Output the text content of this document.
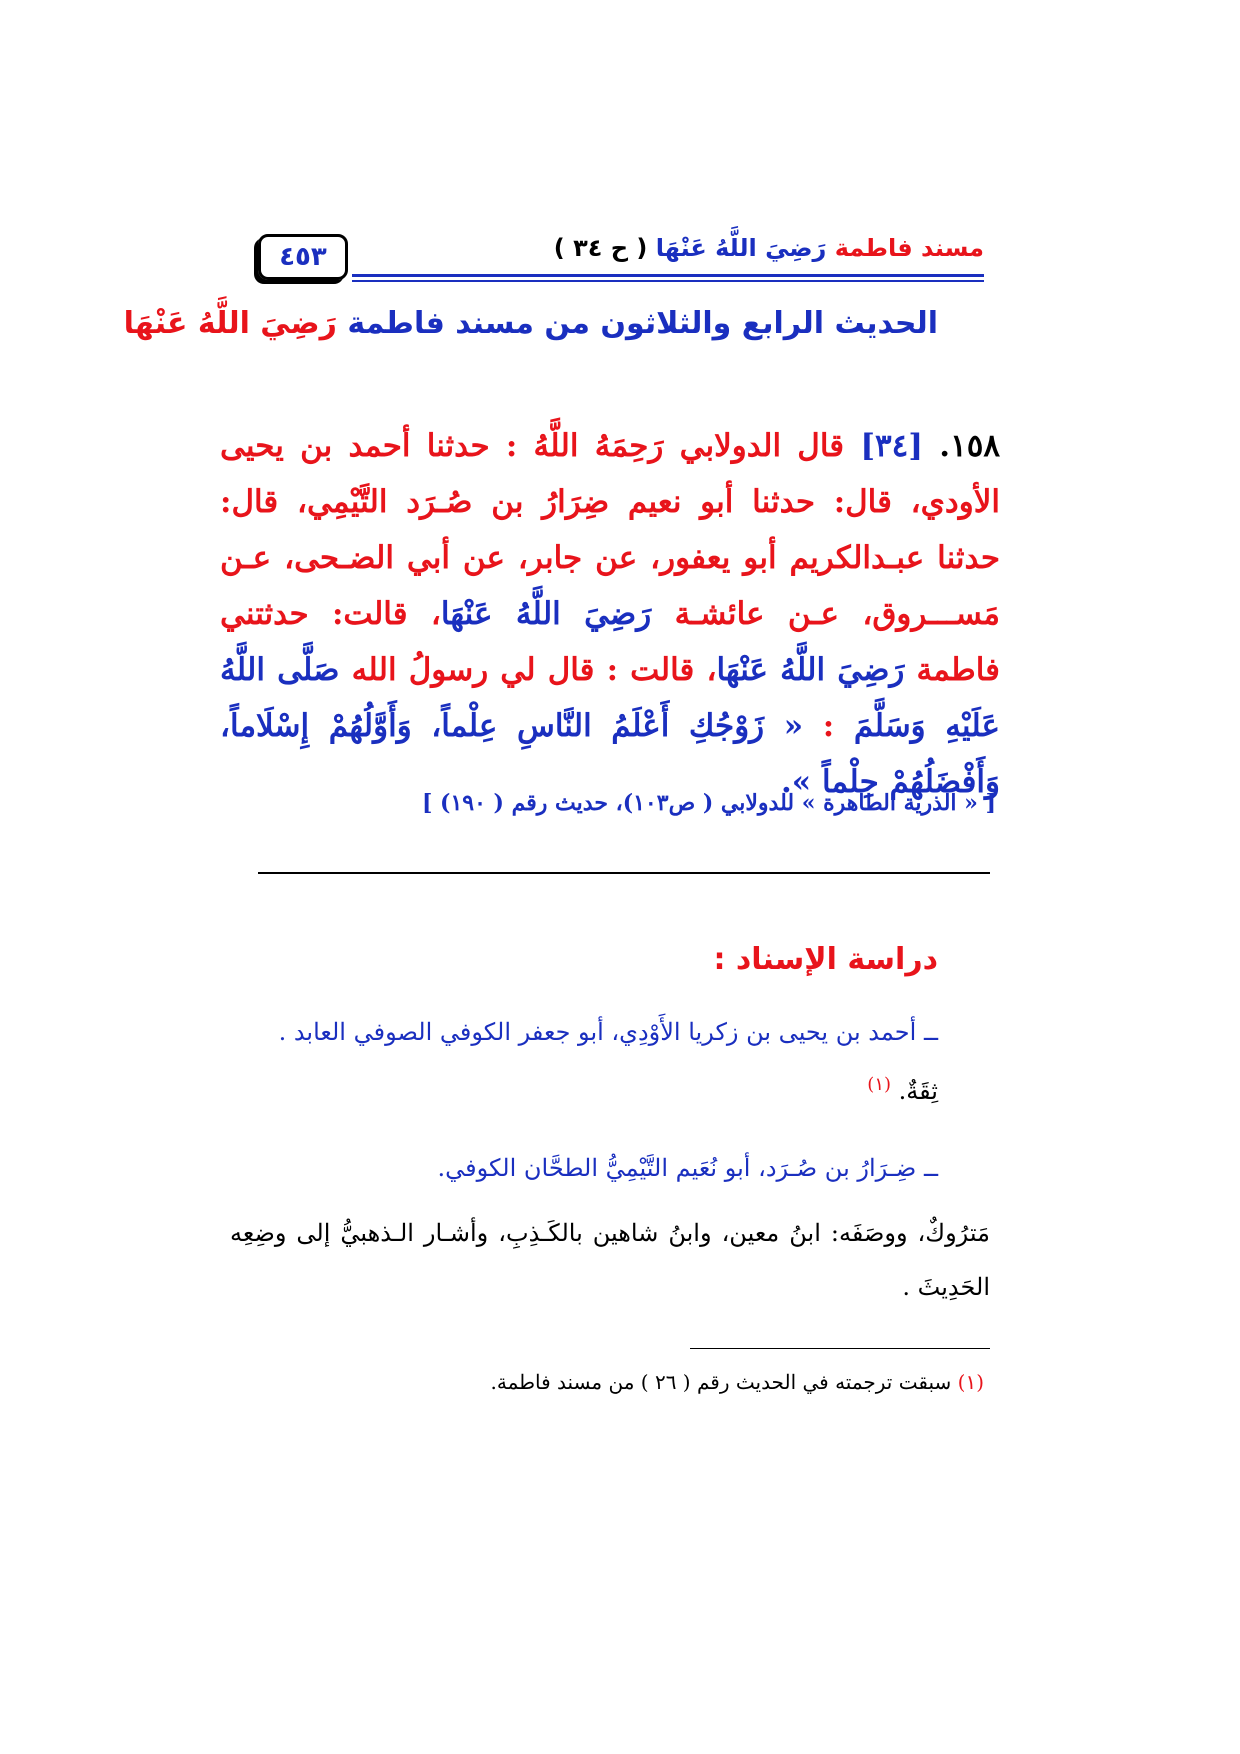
٤٥٣	مسند فاطمة رَضِيَ اللَّهُ عَنْهَا ( ح ٣٤ )
الحديث الرابع والثلاثون من مسند فاطمة رَضِيَ اللَّهُ عَنْهَا
١٥٨. [٣٤] قال الدولابي رَحِمَهُ اللَّهُ : حدثنا أحمد بن يحيى الأودي، قال: حدثنا أبو نعيم ضِرَارُ بن صُـرَد التَّيْمِي، قال: حدثنا عبـدالكريم أبو يعفور، عن جابر، عن أبي الضـحى، عـن مَســـروق، عـن عائشـة رَضِيَ اللَّهُ عَنْهَا، قالت: حدثتني فاطمة رَضِيَ اللَّهُ عَنْهَا، قالت : قال لي رسولُ الله صَلَّى اللَّهُ عَلَيْهِ وَسَلَّمَ : « زَوْجُكِ أَعْلَمُ النَّاسِ عِلْماً، وَأَوَّلُهُمْ إِسْلَاماً، وَأَفْضَلُهُمْ حِلْماً ».
[ « الذرية الطاهرة » للدولابي ( ص١٠٣)، حديث رقم ( ١٩٠) ]
دراسة الإسناد :
ــ أحمد بن يحيى بن زكريا الأَوْدِي، أبو جعفر الكوفي الصوفي العابد .
ثِقَةٌ. $^{(١)}$
ــ ضِـرَارُ بن صُـرَد، أبو نُعَيم التَّيْمِيُّ الطحَّان الكوفي.
مَترُوكٌ، ووصَفَه: ابنُ معين، وابنُ شاهين بالكَـذِبِ، وأشـار الـذهبيُّ إلى وضِعِه الحَدِيثَ .
(١) سبقت ترجمته في الحديث رقم ( ٢٦ ) من مسند فاطمة.
